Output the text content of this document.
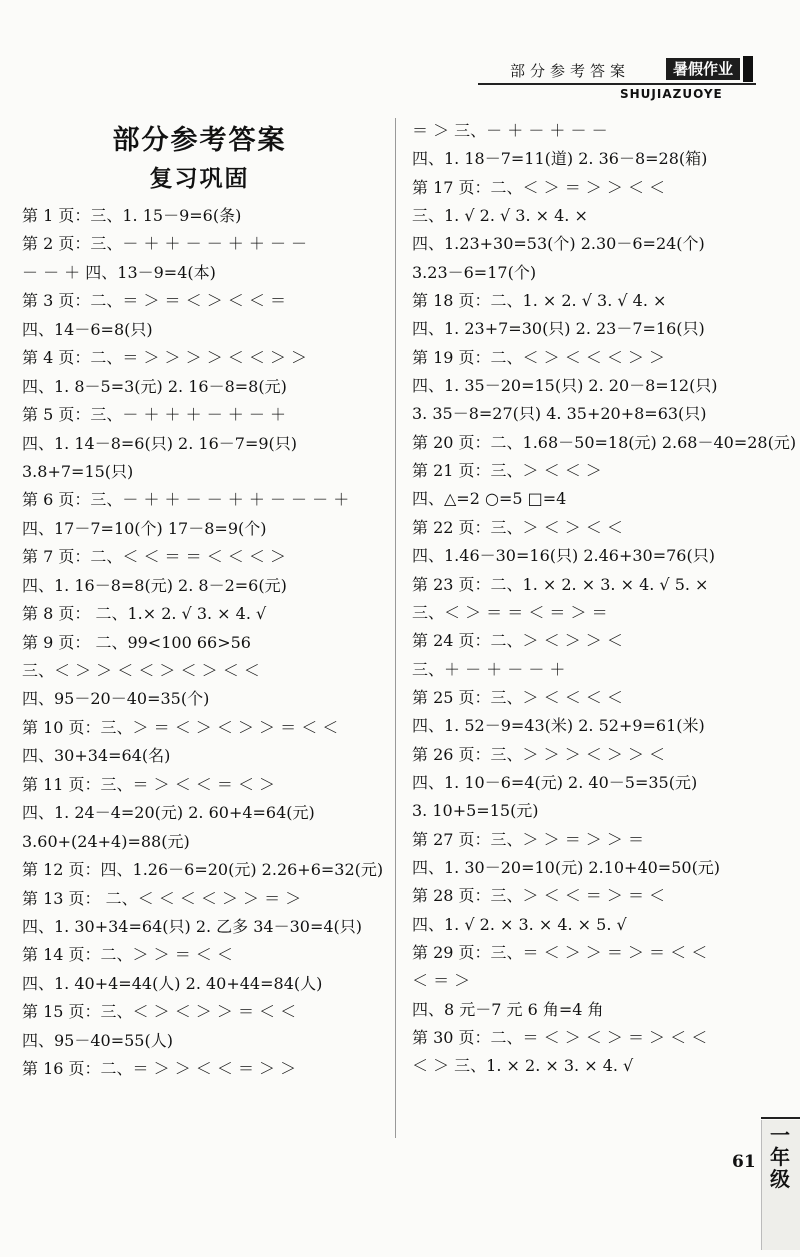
部分参考答案	暑假作业
SHUJIAZUOYE
部分参考答案
复习巩固
第 1 页：三、1. 15－9=6(条)
第 2 页：三、－ ＋ ＋ － － ＋ ＋ － －
－ － ＋ 四、13－9=4(本)
第 3 页：二、＝ ＞ ＝ ＜ ＞ ＜ ＜ ＝
四、14－6=8(只)
第 4 页：二、＝ ＞ ＞ ＞ ＞ ＜ ＜ ＞ ＞
四、1. 8－5=3(元) 2. 16－8=8(元)
第 5 页：三、－ ＋ ＋ ＋ － ＋ － ＋
四、1. 14－8=6(只) 2. 16－7=9(只)
3.8+7=15(只)
第 6 页：三、－ ＋ ＋ － － ＋ ＋ － － － ＋
四、17－7=10(个) 17－8=9(个)
第 7 页：二、＜ ＜ ＝ ＝ ＜ ＜ ＜ ＞
四、1. 16－8=8(元) 2. 8－2=6(元)
第 8 页： 二、1.× 2. √ 3. × 4. √
第 9 页： 二、99<100 66>56
三、＜ ＞ ＞ ＜ ＜ ＞ ＜ ＞ ＜ ＜
四、95－20－40=35(个)
第 10 页：三、＞ ＝ ＜ ＞ ＜ ＞ ＞ ＝ ＜ ＜
四、30+34=64(名)
第 11 页：三、＝ ＞ ＜ ＜ ＝ ＜ ＞
四、1. 24－4=20(元) 2. 60+4=64(元)
3.60+(24+4)=88(元)
第 12 页：四、1.26－6=20(元) 2.26+6=32(元)
第 13 页： 二、＜ ＜ ＜ ＜ ＞ ＞ ＝ ＞
四、1. 30+34=64(只) 2. 乙多 34－30=4(只)
第 14 页：二、＞ ＞ ＝ ＜ ＜
四、1. 40+4=44(人) 2. 40+44=84(人)
第 15 页：三、＜ ＞ ＜ ＞ ＞ ＝ ＜ ＜
四、95－40=55(人)
第 16 页：二、＝ ＞ ＞ ＜ ＜ ＝ ＞ ＞
＝ ＞ 三、－ ＋ － ＋ － －
四、1. 18－7=11(道) 2. 36－8=28(箱)
第 17 页：二、＜ ＞ ＝ ＞ ＞ ＜ ＜
三、1. √ 2. √ 3. × 4. ×
四、1.23+30=53(个) 2.30－6=24(个)
3.23－6=17(个)
第 18 页：二、1. × 2. √ 3. √ 4. ×
四、1. 23+7=30(只) 2. 23－7=16(只)
第 19 页：二、＜ ＞ ＜ ＜ ＜ ＞ ＞
四、1. 35－20=15(只) 2. 20－8=12(只)
3. 35－8=27(只) 4. 35+20+8=63(只)
第 20 页：二、1.68－50=18(元) 2.68－40=28(元)
第 21 页：三、＞ ＜ ＜ ＞
四、△=2 ○=5 □=4
第 22 页：三、＞ ＜ ＞ ＜ ＜
四、1.46－30=16(只) 2.46+30=76(只)
第 23 页：二、1. × 2. × 3. × 4. √ 5. ×
三、＜ ＞ ＝ ＝ ＜ ＝ ＞ ＝
第 24 页：二、＞ ＜ ＞ ＞ ＜
三、＋ － ＋ － － ＋
第 25 页：三、＞ ＜ ＜ ＜ ＜
四、1. 52－9=43(米) 2. 52+9=61(米)
第 26 页：三、＞ ＞ ＞ ＜ ＞ ＞ ＜
四、1. 10－6=4(元) 2. 40－5=35(元)
3. 10+5=15(元)
第 27 页：三、＞ ＞ ＝ ＞ ＞ ＝
四、1. 30－20=10(元) 2.10+40=50(元)
第 28 页：三、＞ ＜ ＜ ＝ ＞ ＝ ＜
四、1. √ 2. × 3. × 4. × 5. √
第 29 页：三、＝ ＜ ＞ ＞ ＝ ＞ ＝ ＜ ＜
＜ ＝ ＞
四、8 元－7 元 6 角=4 角
第 30 页：二、＝ ＜ ＞ ＜ ＞ ＝ ＞ ＜ ＜
＜ ＞ 三、1. × 2. × 3. × 4. √
一年级
61
